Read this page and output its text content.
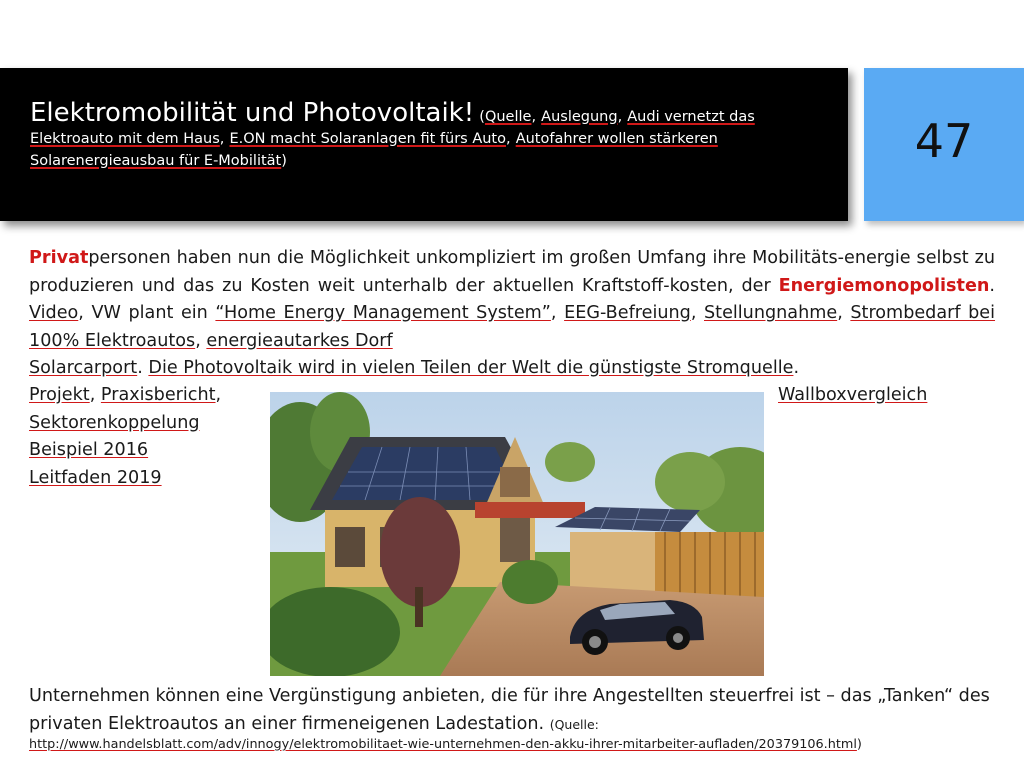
Elektromobilität und Photovoltaik! (Quelle, Auslegung, Audi vernetzt das Elektroauto mit dem Haus, E.ON macht Solaranlagen fit fürs Auto, Autofahrer wollen stärkeren Solarenergieausbau für E-Mobilität)	47
Privatpersonen haben nun die Möglichkeit unkompliziert im großen Umfang ihre Mobilitäts-energie selbst zu produzieren und das zu Kosten weit unterhalb der aktuellen Kraftstoff-kosten, der Energiemonopolisten. Video, VW plant ein “Home Energy Management System”, EEG-Befreiung, Stellungnahme, Strombedarf bei 100% Elektroautos, energieautarkes Dorf
Solarcarport. Die Photovoltaik wird in vielen Teilen der Welt die günstigste Stromquelle.
Projekt, Praxisbericht,
Sektorenkoppelung
Beispiel 2016
Leitfaden 2019
Wallboxvergleich
Unternehmen können eine Vergünstigung anbieten, die für ihre Angestellten steuerfrei ist – das „Tanken“ des privaten Elektroautos an einer firmeneigenen Ladestation. (Quelle:
http://www.handelsblatt.com/adv/innogy/elektromobilitaet-wie-unternehmen-den-akku-ihrer-mitarbeiter-aufladen/20379106.html)
